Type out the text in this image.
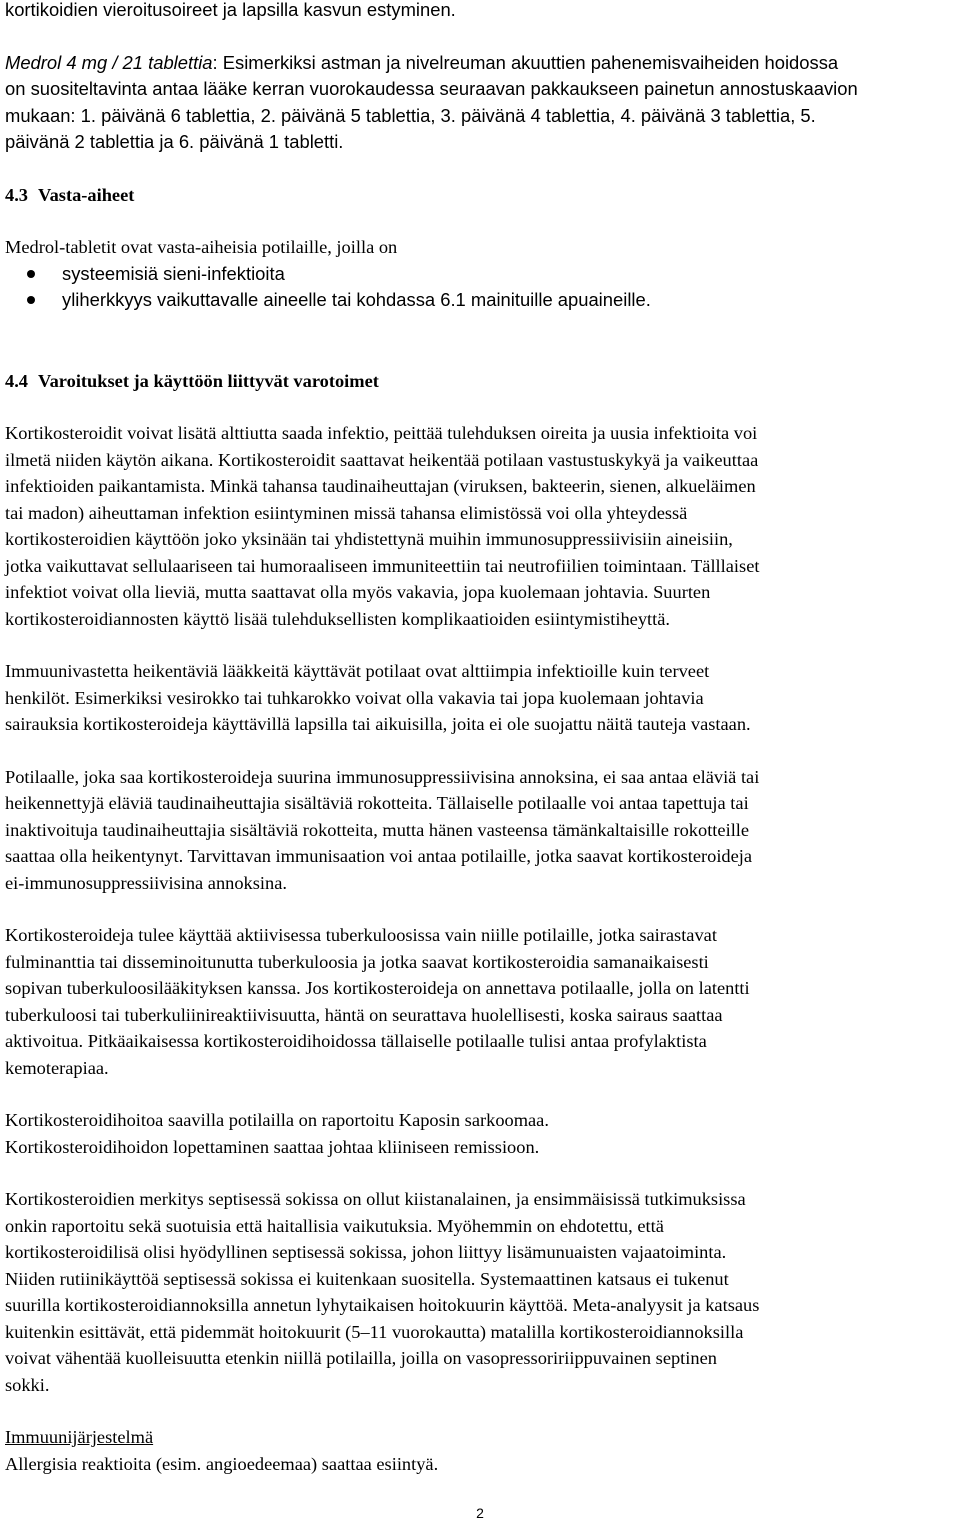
kortikoidien vieroitusoireet ja lapsilla kasvun estyminen.

Medrol 4 mg / 21 tablettia: Esimerkiksi astman ja nivelreuman akuuttien pahenemisvaiheiden hoidossa

on suositeltavinta antaa lääke kerran vuorokaudessa seuraavan pakkaukseen painetun annostuskaavion

mukaan: 1. päivänä 6 tablettia, 2. päivänä 5 tablettia, 3. päivänä 4 tablettia, 4. päivänä 3 tablettia, 5.

päivänä 2 tablettia ja 6. päivänä 1 tabletti.

4.3 Vasta-aiheet

Medrol-tabletit ovat vasta-aiheisia potilaille, joilla on

systeemisiä sieni-infektioita
yliherkkyys vaikuttavalle aineelle tai kohdassa 6.1 mainituille apuaineille.
4.4 Varoitukset ja käyttöön liittyvät varotoimet

Kortikosteroidit voivat lisätä alttiutta saada infektio, peittää tulehduksen oireita ja uusia infektioita voi

ilmetä niiden käytön aikana. Kortikosteroidit saattavat heikentää potilaan vastustuskykyä ja vaikeuttaa

infektioiden paikantamista. Minkä tahansa taudinaiheuttajan (viruksen, bakteerin, sienen, alkueläimen

tai madon) aiheuttaman infektion esiintyminen missä tahansa elimistössä voi olla yhteydessä

kortikosteroidien käyttöön joko yksinään tai yhdistettynä muihin immunosuppressiivisiin aineisiin,

jotka vaikuttavat sellulaariseen tai humoraaliseen immuniteettiin tai neutrofiilien toimintaan. Tälllaiset

infektiot voivat olla lieviä, mutta saattavat olla myös vakavia, jopa kuolemaan johtavia. Suurten

kortikosteroidiannosten käyttö lisää tulehduksellisten komplikaatioiden esiintymistiheyttä.

Immuunivastetta heikentäviä lääkkeitä käyttävät potilaat ovat alttiimpia infektioille kuin terveet

henkilöt. Esimerkiksi vesirokko tai tuhkarokko voivat olla vakavia tai jopa kuolemaan johtavia

sairauksia kortikosteroideja käyttävillä lapsilla tai aikuisilla, joita ei ole suojattu näitä tauteja vastaan.

Potilaalle, joka saa kortikosteroideja suurina immunosuppressiivisina annoksina, ei saa antaa eläviä tai

heikennettyjä eläviä taudinaiheuttajia sisältäviä rokotteita. Tällaiselle potilaalle voi antaa tapettuja tai

inaktivoituja taudinaiheuttajia sisältäviä rokotteita, mutta hänen vasteensa tämänkaltaisille rokotteille

saattaa olla heikentynyt. Tarvittavan immunisaation voi antaa potilaille, jotka saavat kortikosteroideja

ei-immunosuppressiivisina annoksina.

Kortikosteroideja tulee käyttää aktiivisessa tuberkuloosissa vain niille potilaille, jotka sairastavat

fulminanttia tai disseminoitunutta tuberkuloosia ja jotka saavat kortikosteroidia samanaikaisesti

sopivan tuberkuloosilääkityksen kanssa. Jos kortikosteroideja on annettava potilaalle, jolla on latentti

tuberkuloosi tai tuberkuliinireaktiivisuutta, häntä on seurattava huolellisesti, koska sairaus saattaa

aktivoitua. Pitkäaikaisessa kortikosteroidihoidossa tällaiselle potilaalle tulisi antaa profylaktista

kemoterapiaa.

Kortikosteroidihoitoa saavilla potilailla on raportoitu Kaposin sarkoomaa.

Kortikosteroidihoidon lopettaminen saattaa johtaa kliiniseen remissioon.

Kortikosteroidien merkitys septisessä sokissa on ollut kiistanalainen, ja ensimmäisissä tutkimuksissa

onkin raportoitu sekä suotuisia että haitallisia vaikutuksia. Myöhemmin on ehdotettu, että

kortikosteroidilisä olisi hyödyllinen septisessä sokissa, johon liittyy lisämunuaisten vajaatoiminta.

Niiden rutiinikäyttöä septisessä sokissa ei kuitenkaan suositella. Systemaattinen katsaus ei tukenut

suurilla kortikosteroidiannoksilla annetun lyhytaikaisen hoitokuurin käyttöä. Meta-analyysit ja katsaus

kuitenkin esittävät, että pidemmät hoitokuurit (5–11 vuorokautta) matalilla kortikosteroidiannoksilla

voivat vähentää kuolleisuutta etenkin niillä potilailla, joilla on vasopressoririippuvainen septinen

sokki.

Immuunijärjestelmä

Allergisia reaktioita (esim. angioedeemaa) saattaa esiintyä.

2
